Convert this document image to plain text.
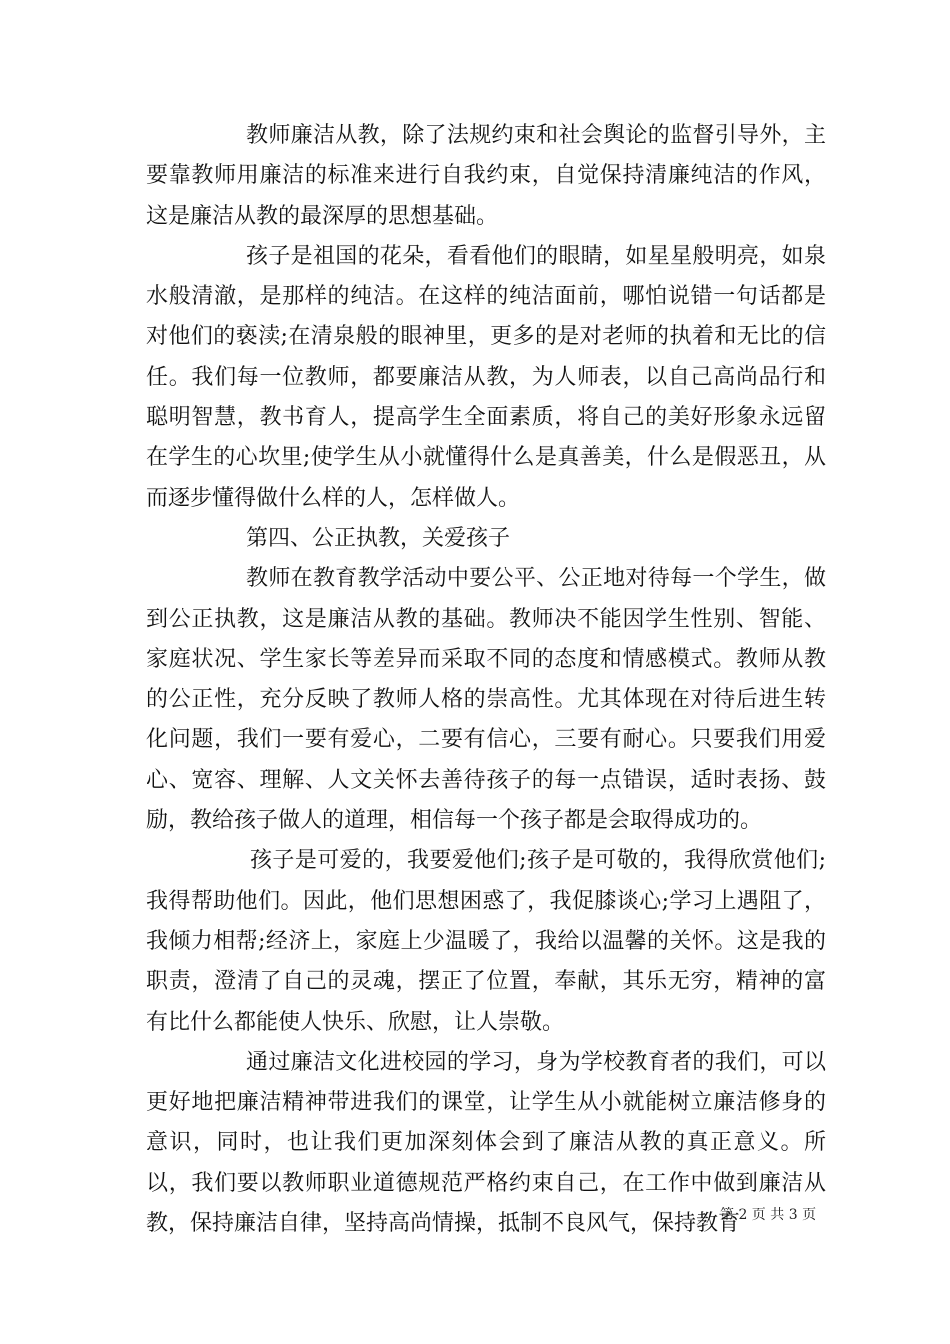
教师廉洁从教，除了法规约束和社会舆论的监督引导外，主要靠教师用廉洁的标准来进行自我约束，自觉保持清廉纯洁的作风，这是廉洁从教的最深厚的思想基础。

孩子是祖国的花朵，看看他们的眼睛，如星星般明亮，如泉水般清澈，是那样的纯洁。在这样的纯洁面前，哪怕说错一句话都是对他们的亵渎;在清泉般的眼神里，更多的是对老师的执着和无比的信任。我们每一位教师，都要廉洁从教，为人师表，以自己高尚品行和聪明智慧，教书育人，提高学生全面素质，将自己的美好形象永远留在学生的心坎里;使学生从小就懂得什么是真善美，什么是假恶丑，从而逐步懂得做什么样的人，怎样做人。

第四、公正执教，关爱孩子

教师在教育教学活动中要公平、公正地对待每一个学生，做到公正执教，这是廉洁从教的基础。教师决不能因学生性别、智能、家庭状况、学生家长等差异而采取不同的态度和情感模式。教师从教的公正性，充分反映了教师人格的崇高性。尤其体现在对待后进生转化问题，我们一要有爱心，二要有信心，三要有耐心。只要我们用爱心、宽容、理解、人文关怀去善待孩子的每一点错误，适时表扬、鼓励，教给孩子做人的道理，相信每一个孩子都是会取得成功的。

孩子是可爱的，我要爱他们;孩子是可敬的，我得欣赏他们;我得帮助他们。因此，他们思想困惑了，我促膝谈心;学习上遇阻了，我倾力相帮;经济上，家庭上少温暖了，我给以温馨的关怀。这是我的职责，澄清了自己的灵魂，摆正了位置，奉献，其乐无穷，精神的富有比什么都能使人快乐、欣慰，让人崇敬。

通过廉洁文化进校园的学习，身为学校教育者的我们，可以更好地把廉洁精神带进我们的课堂，让学生从小就能树立廉洁修身的意识，同时，也让我们更加深刻体会到了廉洁从教的真正意义。所以，我们要以教师职业道德规范严格约束自己，在工作中做到廉洁从教，保持廉洁自律，坚持高尚情操，抵制不良风气，保持教育

第 2 页 共 3 页
